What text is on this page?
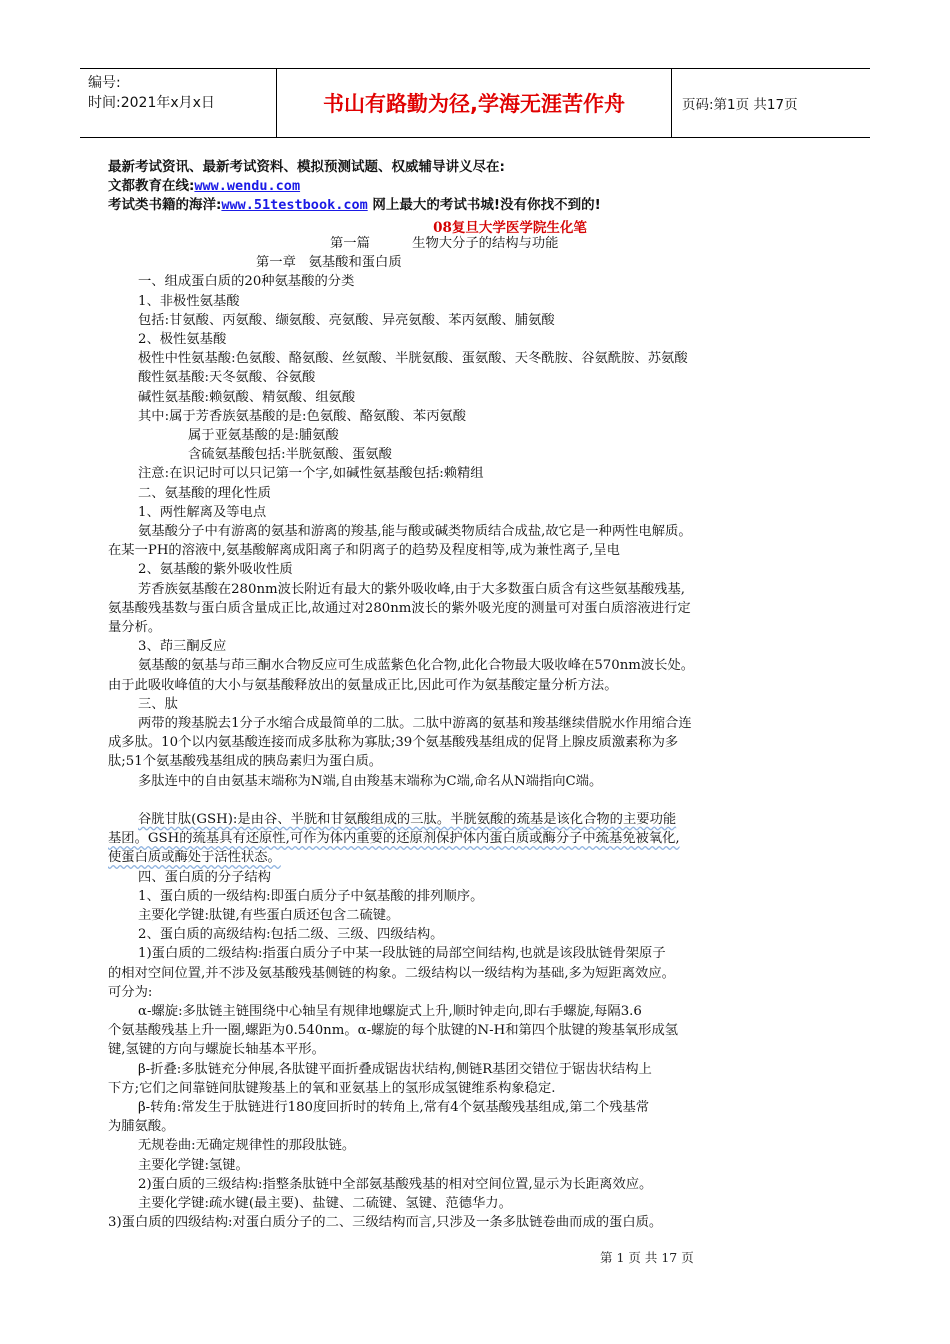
编号:
时间:2021年x月x日	书山有路勤为径,学海无涯苦作舟	页码:第1页 共17页
最新考试资讯、最新考试资料、模拟预测试题、权威辅导讲义尽在:
文都教育在线:www.wendu.com
考试类书籍的海洋:www.51testbook.com 网上最大的考试书城!没有你找不到的!
08复旦大学医学院生化笔

第一篇          生物大分子的结构与功能

第一章   氨基酸和蛋白质

一、组成蛋白质的20种氨基酸的分类

1、非极性氨基酸

包括:甘氨酸、丙氨酸、缬氨酸、亮氨酸、异亮氨酸、苯丙氨酸、脯氨酸

2、极性氨基酸

极性中性氨基酸:色氨酸、酪氨酸、丝氨酸、半胱氨酸、蛋氨酸、天冬酰胺、谷氨酰胺、苏氨酸

酸性氨基酸:天冬氨酸、谷氨酸

碱性氨基酸:赖氨酸、精氨酸、组氨酸

其中:属于芳香族氨基酸的是:色氨酸、酪氨酸、苯丙氨酸

属于亚氨基酸的是:脯氨酸

含硫氨基酸包括:半胱氨酸、蛋氨酸

注意:在识记时可以只记第一个字,如碱性氨基酸包括:赖精组

二、氨基酸的理化性质

1、两性解离及等电点

氨基酸分子中有游离的氨基和游离的羧基,能与酸或碱类物质结合成盐,故它是一种两性电解质。

在某一PH的溶液中,氨基酸解离成阳离子和阴离子的趋势及程度相等,成为兼性离子,呈电

2、氨基酸的紫外吸收性质

芳香族氨基酸在280nm波长附近有最大的紫外吸收峰,由于大多数蛋白质含有这些氨基酸残基,

氨基酸残基数与蛋白质含量成正比,故通过对280nm波长的紫外吸光度的测量可对蛋白质溶液进行定

量分析。

3、茚三酮反应

氨基酸的氨基与茚三酮水合物反应可生成蓝紫色化合物,此化合物最大吸收峰在570nm波长处。

由于此吸收峰值的大小与氨基酸释放出的氨量成正比,因此可作为氨基酸定量分析方法。

三、肽

两带的羧基脱去1分子水缩合成最简单的二肽。二肽中游离的氨基和羧基继续借脱水作用缩合连

成多肽。10个以内氨基酸连接而成多肽称为寡肽;39个氨基酸残基组成的促肾上腺皮质激素称为多

肽;51个氨基酸残基组成的胰岛素归为蛋白质。

多肽连中的自由氨基末端称为N端,自由羧基末端称为C端,命名从N端指向C端。

谷胱甘肽(GSH):是由谷、半胱和甘氨酸组成的三肽。半胱氨酸的巯基是该化合物的主要功能

基团。GSH的巯基具有还原性,可作为体内重要的还原剂保护体内蛋白质或酶分子中巯基免被氧化,

使蛋白质或酶处于活性状态。

四、蛋白质的分子结构

1、蛋白质的一级结构:即蛋白质分子中氨基酸的排列顺序。

主要化学键:肽键,有些蛋白质还包含二硫键。

2、蛋白质的高级结构:包括二级、三级、四级结构。

1)蛋白质的二级结构:指蛋白质分子中某一段肽链的局部空间结构,也就是该段肽链骨架原子

的相对空间位置,并不涉及氨基酸残基侧链的构象。二级结构以一级结构为基础,多为短距离效应。

可分为:

α-螺旋:多肽链主链围绕中心轴呈有规律地螺旋式上升,顺时钟走向,即右手螺旋,每隔3.6

个氨基酸残基上升一圈,螺距为0.540nm。α-螺旋的每个肽键的N-H和第四个肽键的羧基氧形成氢

键,氢键的方向与螺旋长轴基本平形。

β-折叠:多肽链充分伸展,各肽键平面折叠成锯齿状结构,侧链R基团交错位于锯齿状结构上

下方;它们之间靠链间肽键羧基上的氧和亚氨基上的氢形成氢键维系构象稳定.

β-转角:常发生于肽链进行180度回折时的转角上,常有4个氨基酸残基组成,第二个残基常

为脯氨酸。

无规卷曲:无确定规律性的那段肽链。

主要化学键:氢键。

2)蛋白质的三级结构:指整条肽链中全部氨基酸残基的相对空间位置,显示为长距离效应。

主要化学键:疏水键(最主要)、盐键、二硫键、氢键、范德华力。

3)蛋白质的四级结构:对蛋白质分子的二、三级结构而言,只涉及一条多肽链卷曲而成的蛋白质。

第 1 页 共 17 页
